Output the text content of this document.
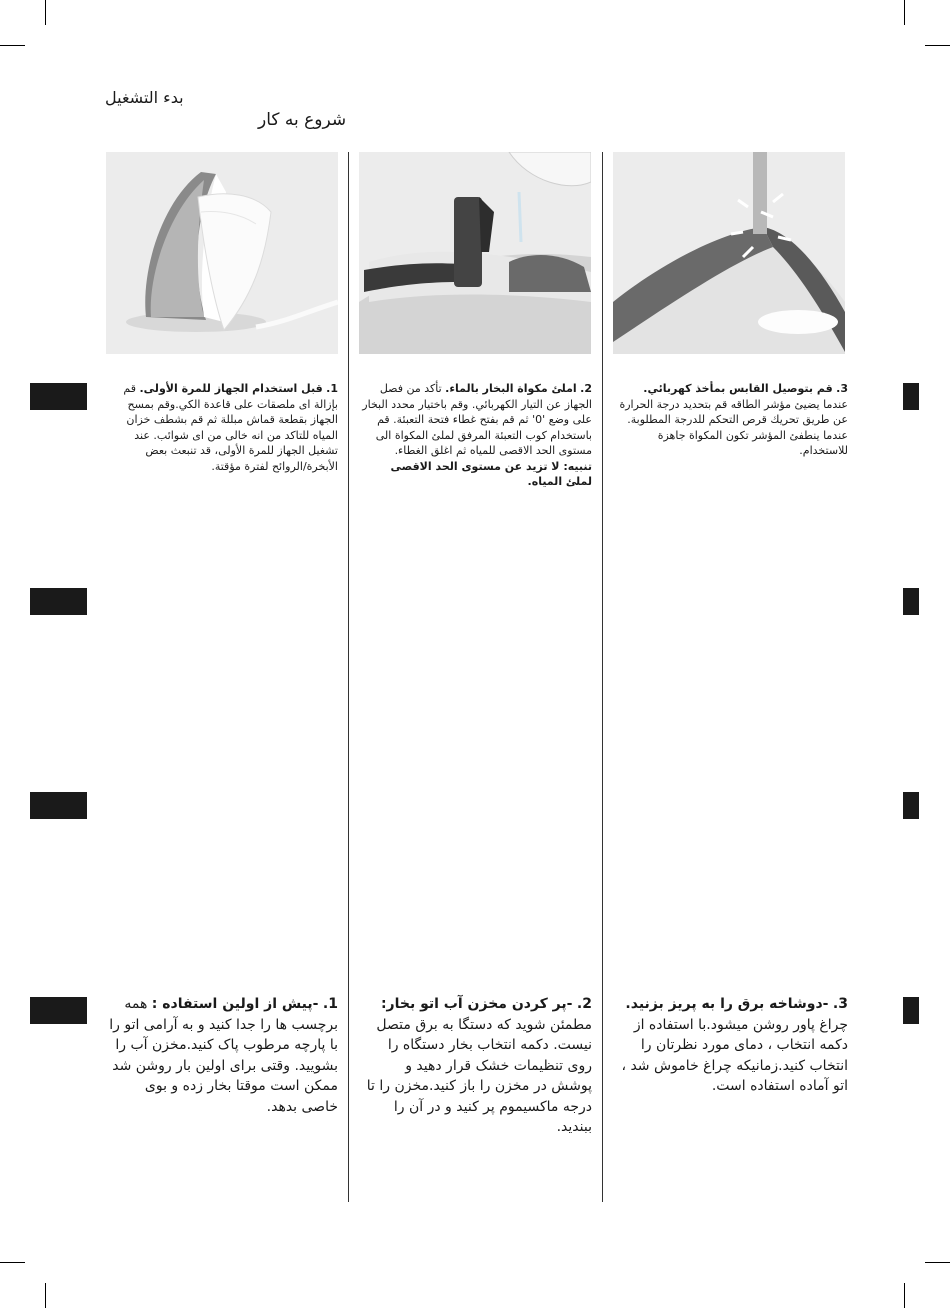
بدء التشغيل
شروع به کار

1. قبل استخدام الجهاز للمرة الأولى. قم بإزالة اى ملصقات على قاعدة الكي.وقم بمسح الجهاز بقطعة قماش مبللة ثم قم بشطف خزان المياه للتاكد من انه خالى من اى شوائب. عند تشغيل الجهاز للمرة الأولى، قد تنبعث بعض الأبخرة/الروائح لفترة مؤقتة.

2. املئ مكواة البخار بالماء. تأكد من فصل الجهاز عن التيار الكهربائي. وقم باختيار محدد البخار على وضع '0' ثم قم بفتح غطاء فتحة التعبئة. قم باستخدام كوب التعبئة المرفق لملئ المكواة الى مستوى الحد الاقصى للمياه ثم اغلق الغطاء.

تنبيه: لا تزيد عن مستوى الحد الاقصى لملئ المياه.

3. قم بتوصيل القابس بمأخذ كهربائي. عندما يضيئ مؤشر الطاقه قم بتحديد درجة الحرارة عن طريق تحريك قرص التحكم للدرجة المطلوبة. عندما ينطفئ المؤشر تكون المكواة جاهزة للاستخدام.

1. -پیش از اولین استفاده : همه برچسب ها را جدا کنید و به آرامی اتو را با پارچه مرطوب پاک کنید.مخزن آب را بشویید. وقتی برای اولین بار روشن شد ممکن است موقتا بخار زده و بوی خاصی بدهد.

2. -پر کردن مخزن آب اتو بخار: مطمئن شوید که دستگا به برق متصل نیست. دکمه انتخاب بخار دستگاه را روی تنظیمات خشک قرار دهید و پوشش در مخزن را باز کنید.مخزن را تا درجه ماکسیموم پر کنید و در آن را ببندید.

3. -دوشاخه برق را به پریز بزنید. چراغ پاور روشن میشود.با استفاده از دکمه انتخاب ، دمای مورد نظرتان را انتخاب کنید.زمانیکه چراغ خاموش شد ، اتو آماده استفاده است.
